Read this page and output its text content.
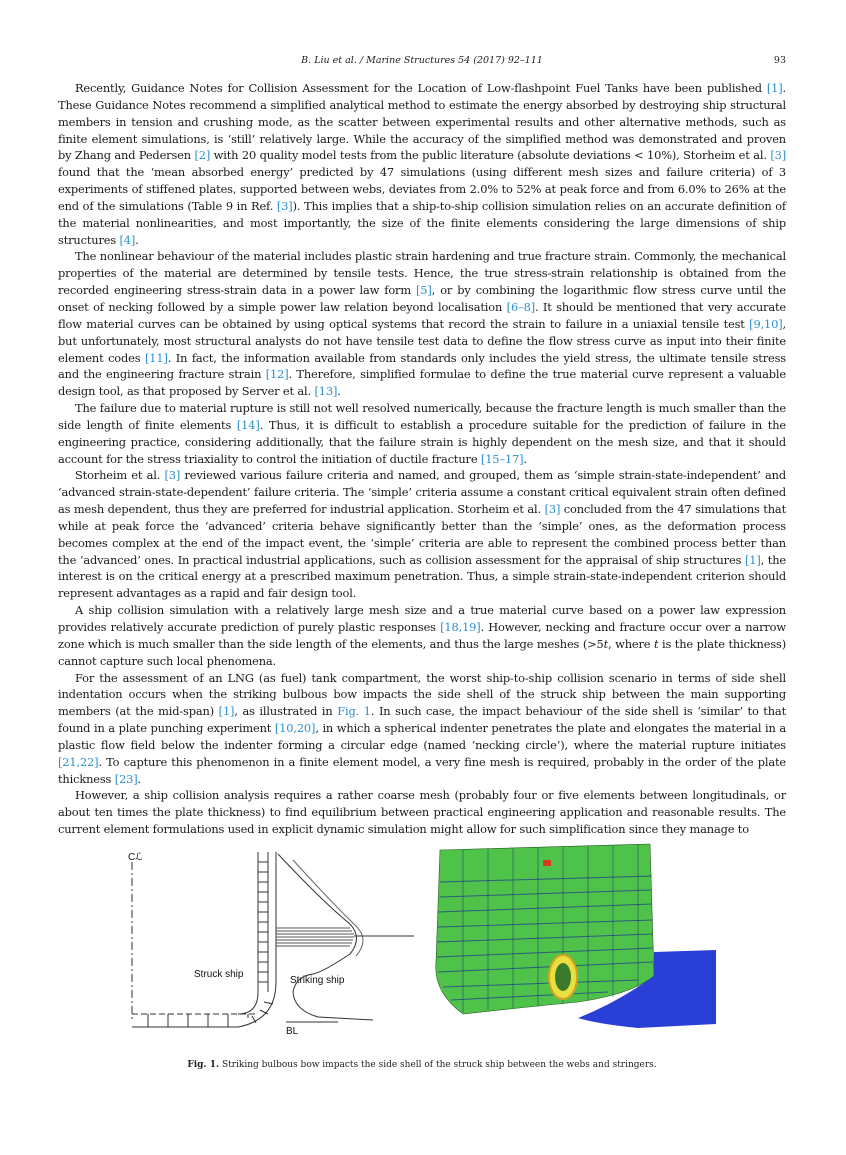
B. Liu et al. / Marine Structures 54 (2017) 92–111	93

Recently, Guidance Notes for Collision Assessment for the Location of Low-flashpoint Fuel Tanks have been published [1]. These Guidance Notes recommend a simplified analytical method to estimate the energy absorbed by destroying ship structural members in tension and crushing mode, as the scatter between experimental results and other alternative methods, such as finite element simulations, is ‘still’ relatively large. While the accuracy of the simplified method was demonstrated and proven by Zhang and Pedersen [2] with 20 quality model tests from the public literature (absolute deviations < 10%), Storheim et al. [3] found that the ‘mean absorbed energy’ predicted by 47 simulations (using different mesh sizes and failure criteria) of 3 experiments of stiffened plates, supported between webs, deviates from 2.0% to 52% at peak force and from 6.0% to 26% at the end of the simulations (Table 9 in Ref. [3]). This implies that a ship-to-ship collision simulation relies on an accurate definition of the material nonlinearities, and most importantly, the size of the finite elements considering the large dimensions of ship structures [4].

The nonlinear behaviour of the material includes plastic strain hardening and true fracture strain. Commonly, the mechanical properties of the material are determined by tensile tests. Hence, the true stress-strain relationship is obtained from the recorded engineering stress-strain data in a power law form [5], or by combining the logarithmic flow stress curve until the onset of necking followed by a simple power law relation beyond localisation [6–8]. It should be mentioned that very accurate flow material curves can be obtained by using optical systems that record the strain to failure in a uniaxial tensile test [9,10], but unfortunately, most structural analysts do not have tensile test data to define the flow stress curve as input into their finite element codes [11]. In fact, the information available from standards only includes the yield stress, the ultimate tensile stress and the engineering fracture strain [12]. Therefore, simplified formulae to define the true material curve represent a valuable design tool, as that proposed by Server et al. [13].

The failure due to material rupture is still not well resolved numerically, because the fracture length is much smaller than the side length of finite elements [14]. Thus, it is difficult to establish a procedure suitable for the prediction of failure in the engineering practice, considering additionally, that the failure strain is highly dependent on the mesh size, and that it should account for the stress triaxiality to control the initiation of ductile fracture [15–17].

Storheim et al. [3] reviewed various failure criteria and named, and grouped, them as ‘simple strain-state-independent’ and ‘advanced strain-state-dependent’ failure criteria. The ‘simple’ criteria assume a constant critical equivalent strain often defined as mesh dependent, thus they are preferred for industrial application. Storheim et al. [3] concluded from the 47 simulations that while at peak force the ‘advanced’ criteria behave significantly better than the ‘simple’ ones, as the deformation process becomes complex at the end of the impact event, the ‘simple’ criteria are able to represent the combined process better than the ‘advanced’ ones. In practical industrial applications, such as collision assessment for the appraisal of ship structures [1], the interest is on the critical energy at a prescribed maximum penetration. Thus, a simple strain-state-independent criterion should represent advantages as a rapid and fair design tool.

A ship collision simulation with a relatively large mesh size and a true material curve based on a power law expression provides relatively accurate prediction of purely plastic responses [18,19]. However, necking and fracture occur over a narrow zone which is much smaller than the side length of the elements, and thus the large meshes (>5t, where t is the plate thickness) cannot capture such local phenomena.

For the assessment of an LNG (as fuel) tank compartment, the worst ship-to-ship collision scenario in terms of side shell indentation occurs when the striking bulbous bow impacts the side shell of the struck ship between the main supporting members (at the mid-span) [1], as illustrated in Fig. 1. In such case, the impact behaviour of the side shell is ‘similar’ to that found in a plate punching experiment [10,20], in which a spherical indenter penetrates the plate and elongates the material in a plastic flow field below the indenter forming a circular edge (named ‘necking circle’), where the material rupture initiates [21,22]. To capture this phenomenon in a finite element model, a very fine mesh is required, probably in the order of the plate thickness [23].

However, a ship collision analysis requires a rather coarse mesh (probably four or five elements between longitudinals, or about ten times the plate thickness) to find equilibrium between practical engineering application and reasonable results. The current element formulations used in explicit dynamic simulation might allow for such simplification since they manage to

Cℒ
Struck ship
Striking ship
BL
Fig. 1. Striking bulbous bow impacts the side shell of the struck ship between the webs and stringers.
